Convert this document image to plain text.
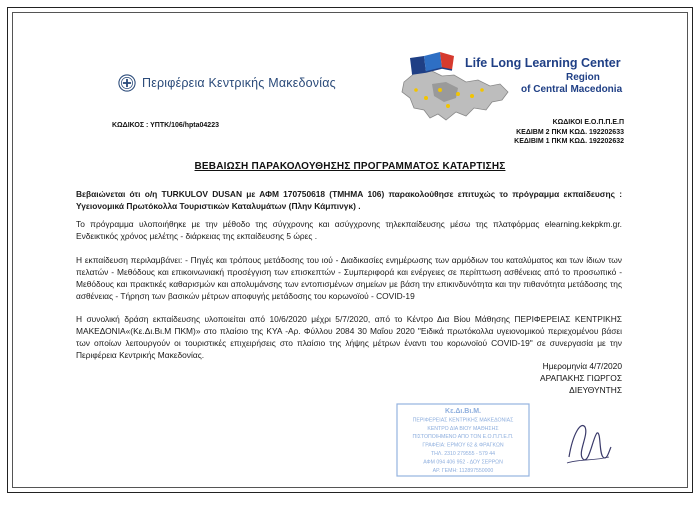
Περιφέρεια Κεντρικής Μακεδονίας
Life Long Learning Center
Region
of Central Macedonia
ΚΩΔΙΚΟΣ : ΥΠΤΚ/106/hpta04223	ΚΩΔΙΚΟΙ Ε.Ο.Π.Π.Ε.Π
ΚΕΔΙΒΜ 2 ΠΚΜ ΚΩΔ. 192202633
ΚΕΔΙΒΙΜ 1 ΠΚΜ ΚΩΔ. 192202632
ΒΕΒΑΙΩΣΗ ΠΑΡΑΚΟΛΟΥΘΗΣΗΣ ΠΡΟΓΡΑΜΜΑΤΟΣ ΚΑΤΑΡΤΙΣΗΣ
Βεβαιώνεται ότι ο/η TURKULOV DUSAN με ΑΦΜ 170750618 (ΤΜΗΜΑ 106) παρακολούθησε επιτυχώς το πρόγραμμα εκπαίδευσης : Υγειονομικά Πρωτόκολλα Τουριστικών Καταλυμάτων (Πλην Κάμπινγκ) .
Το πρόγραμμα υλοποιήθηκε με την μέθοδο της σύγχρονης και ασύγχρονης τηλεκπαίδευσης μέσω της πλατφόρμας elearning.kekpkm.gr. Ενδεικτικός χρόνος μελέτης - διάρκειας της εκπαίδευσης 5 ώρες .
Η εκπαίδευση περιλαμβάνει: - Πηγές και τρόπους μετάδοσης του ιού - Διαδικασίες ενημέρωσης των αρμόδιων του καταλύματος και των ίδιων των πελατών - Μεθόδους και επικοινωνιακή προσέγγιση των επισκεπτών - Συμπεριφορά και ενέργειες σε περίπτωση ασθένειας από το προσωπικό - Μεθόδους και πρακτικές καθαρισμών και απολυμάνσης των εντοπισμένων σημείων με βάση την επικινδυνότητα και την πιθανότητα μετάδοσης της ασθένειας - Τήρηση των βασικών μέτρων αποφυγής μετάδοσης του κορωνοϊού - COVID-19
Η συνολική δράση εκπαίδευσης υλοποιείται από 10/6/2020 μέχρι 5/7/2020, από το Κέντρο Δια Βίου Μάθησης ΠΕΡΙΦΕΡΕΙΑΣ ΚΕΝΤΡΙΚΗΣ ΜΑΚΕΔΟΝΙΑ«(Κε.Δι.Βι.Μ ΠΚΜ)» στο πλαίσιο της ΚΥΑ -Αρ. Φύλλου 2084 30 Μαΐου 2020 "Ειδικά πρωτόκολλα υγειονομικού περιεχομένου βάσει των οποίων λειτουργούν οι τουριστικές επιχειρήσεις στο πλαίσιο της λήψης μέτρων έναντι του κορωνοϊού COVID-19" σε συνεργασία με την Περιφέρεια Κεντρικής Μακεδονίας.
Ημερομηνία 4/7/2020
ΑΡΑΠΑΚΗΣ ΓΙΩΡΓΟΣ
ΔΙΕΥΘΥΝΤΗΣ
Κε.Δι.Βι.Μ.
ΠΕΡΙΦΕΡΕΙΑΣ ΚΕΝΤΡΙΚΗΣ ΜΑΚΕΔΟΝΙΑΣ
ΚΕΝΤΡΟ ΔΙΑ ΒΙΟΥ ΜΑΘΗΣΗΣ
ΠΙΣΤΟΠΟΙΗΜΕΝΟ ΑΠΟ ΤΟΝ Ε.Ο.Π.Π.Ε.Π.
ΓΡΑΦΕΙΑ: ΕΡΜΟΥ 62 & ΦΡΑΓΚΩΝ
ΤΗΛ. 2310 279555 - 579 44
ΑΦΜ 094 406 952 - ΔΟΥ ΣΕΡΡΩΝ
ΑΡ. ΓΕΜΗ: 112897550000
